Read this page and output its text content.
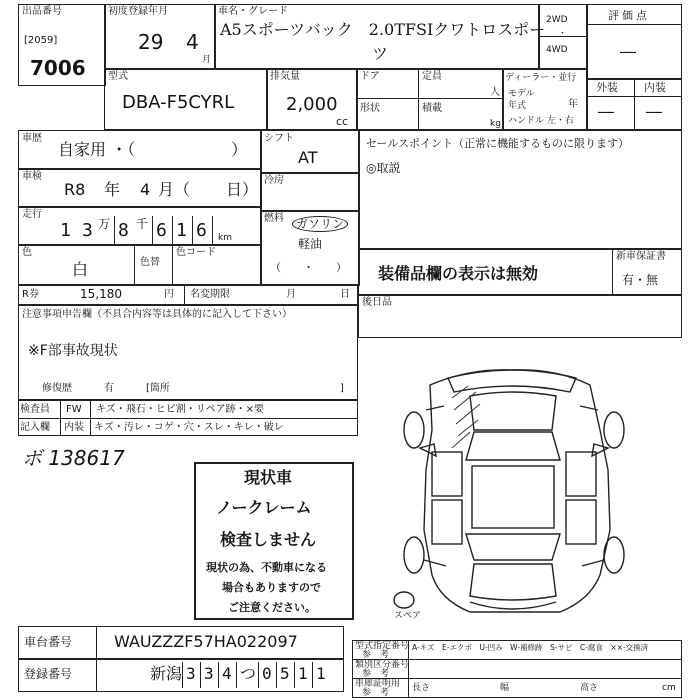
出品番号
[2059]
7006
初度登録年月
29 4
月
車名・グレード
A5スポーツバック　2.0TFSIクワトロスポー
ツ
2WD
・
4WD
評価点
―
型式
DBA-F5CYRL
排気量
2,000
cc
ドア	定員
人
形状	積載
kg
ディーラー・並行
モデル
年式	年
ハンドル 左・右
外装 内装
― ―
車歴
自家用 ・（　　　　　　）
車検
R8 年 4 月（ 日）
走行
1 3 万 8 千 6 1 6 km
色
白	色替
色コード
シフト
AT
冷房
燃料	ガソリン
軽油
（　　・　　）
セールスポイント（正常に機能するものに限ります）
◎取説
装備品欄の表示は無効
新車保証書
有・無
後日品
R券	15,180	円 名変期限	月	日
注意事項申告欄（不具合内容等は具体的に記入して下さい）
※F部事故現状
修復歴	有	[箇所	]
検査員
記入欄
FW キズ・飛石・ヒビ割・リペア跡・×要
内装 キズ・汚レ・コゲ・穴・スレ・キレ・破レ
ボ 138617
現状車
ノークレーム
検査しません
現状の為、不動車になる
場合もありますので
ご注意ください。
スペア
車台番号	WAUZZZF57HA022097
登録番号	新潟 3 3 4 つ 0 5 1 1
型式指定番号
参　考
A-キズ　E-エクボ　U-凹み　W-補修跡　S-サビ　C-腐食　××-交換済
類別区分番号
参　考
車庫証明用
参　考	長さ	幅	高さ	cm
